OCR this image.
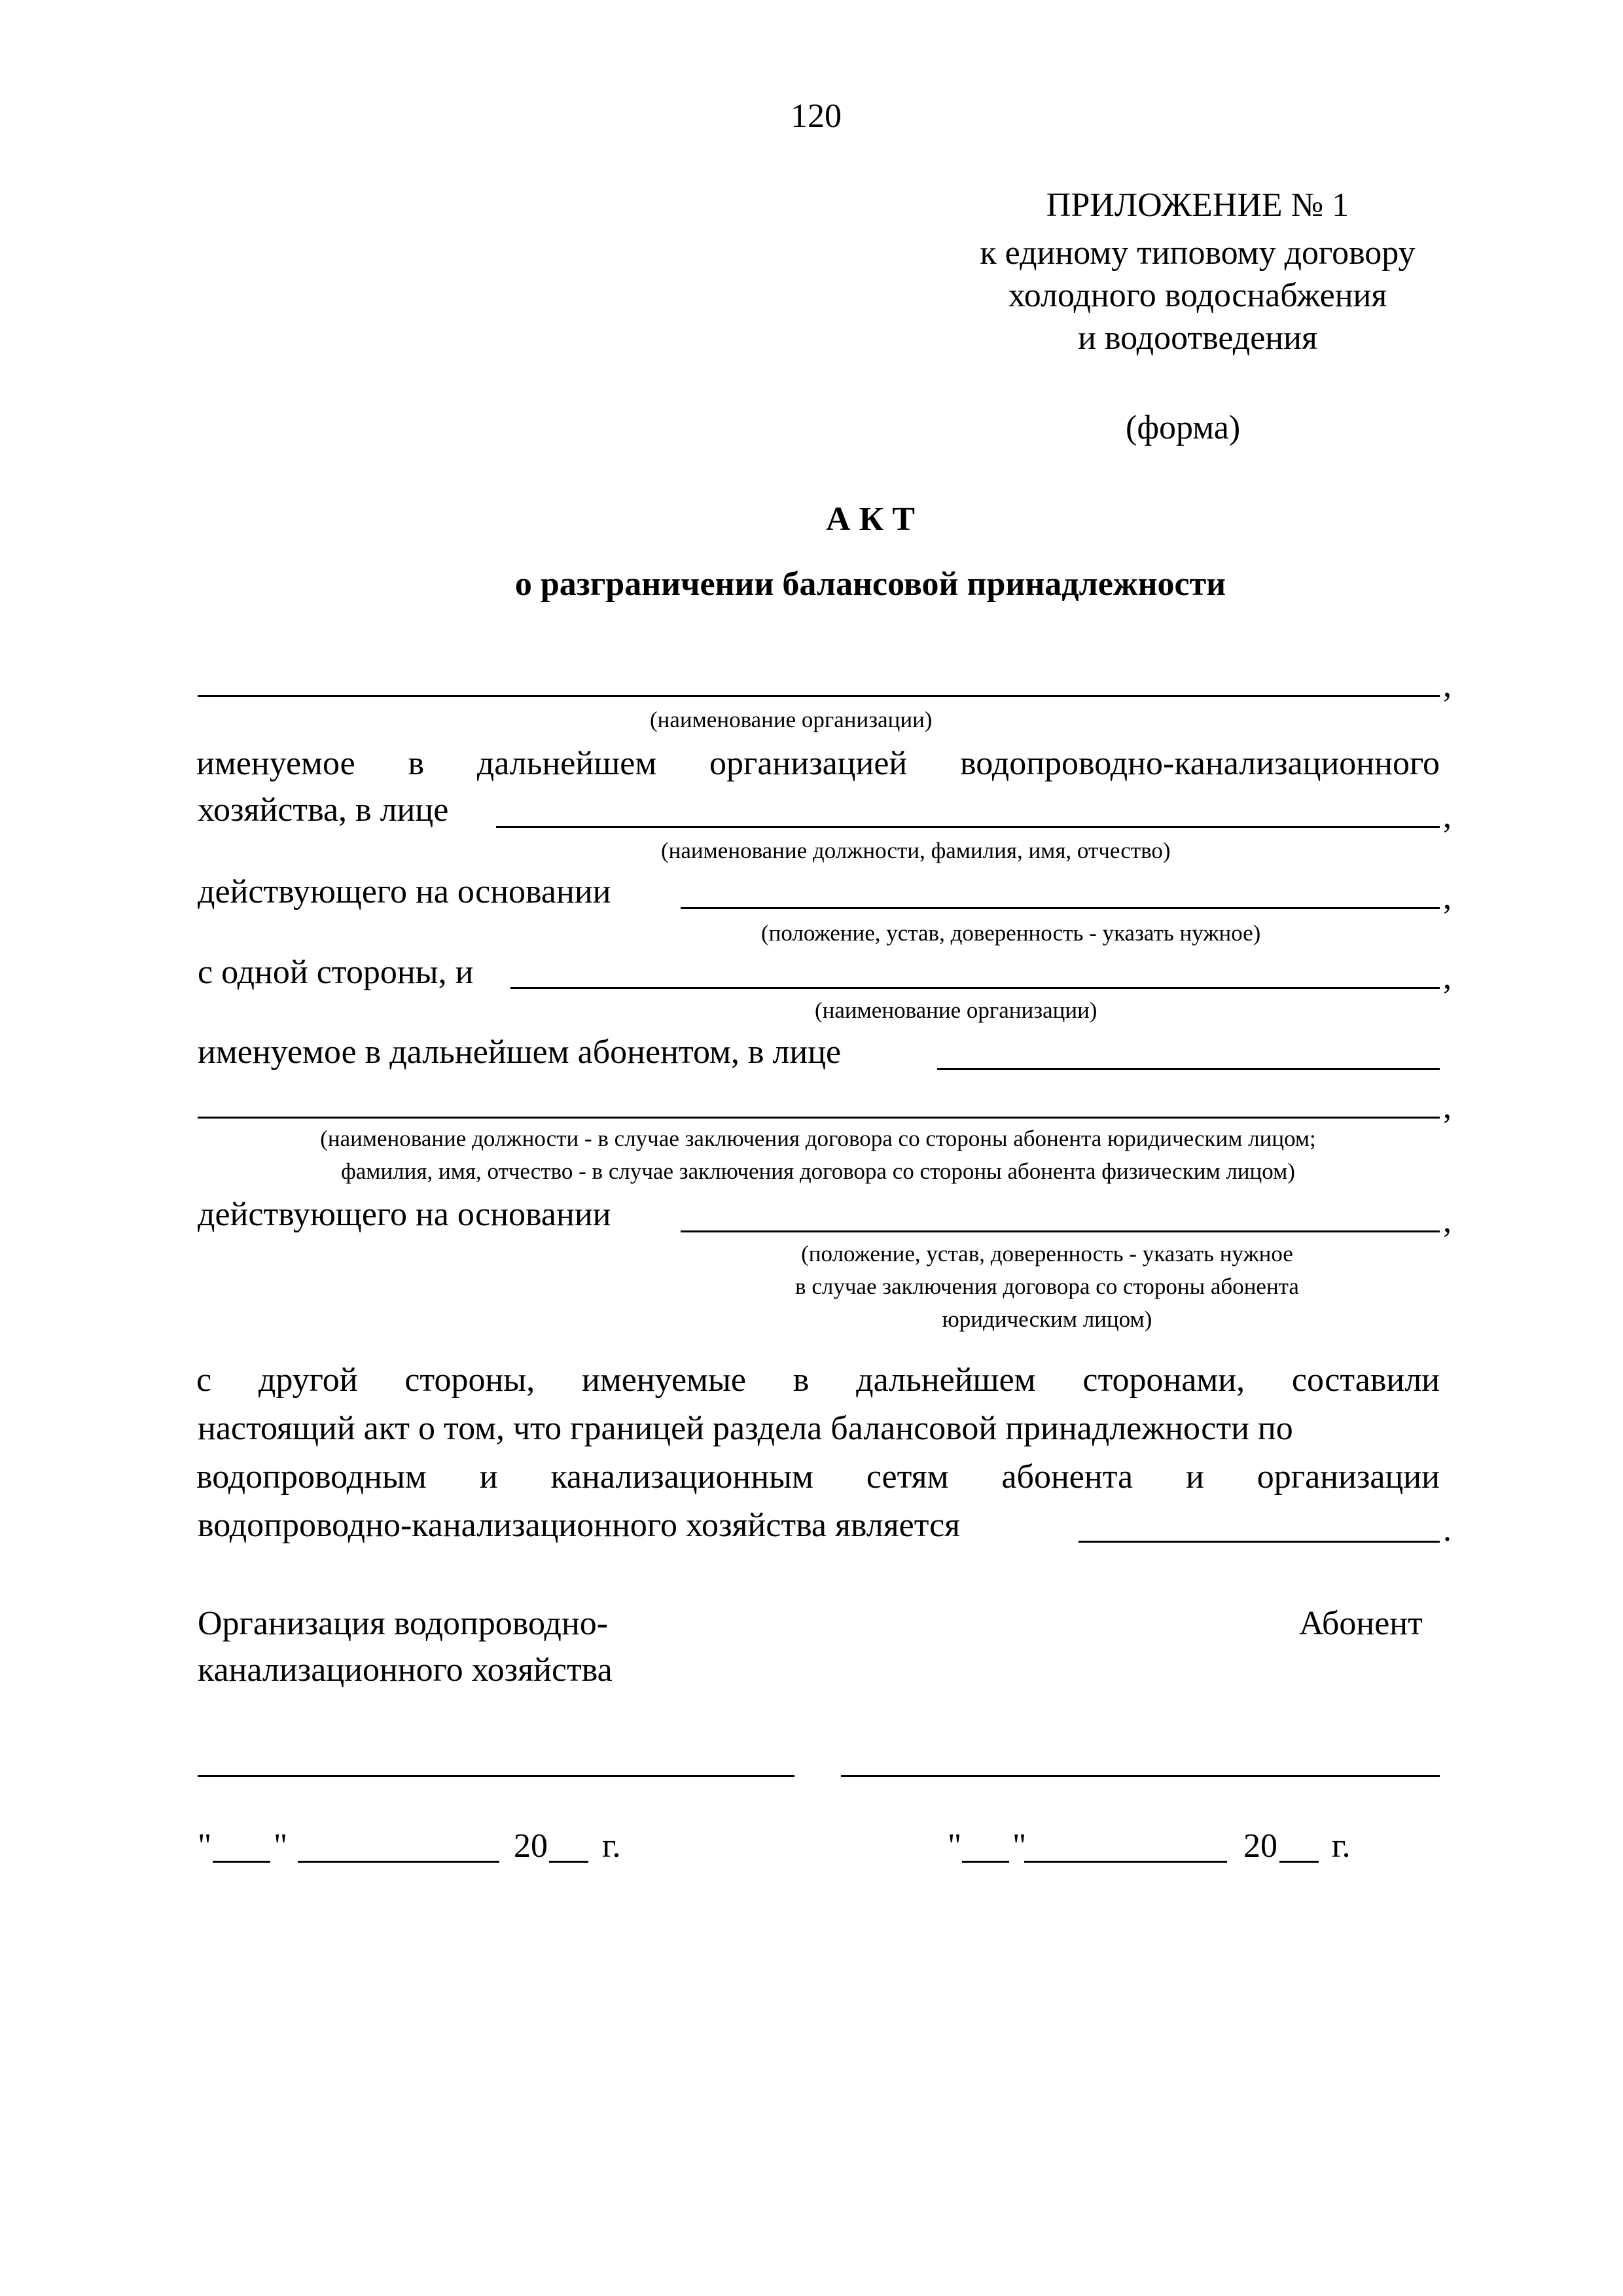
120
ПРИЛОЖЕНИЕ № 1
к единому типовому договору
холодного водоснабжения
и водоотведения
(форма)
А К Т
о разграничении балансовой принадлежности
,
(наименование организации)
именуемое в дальнейшем организацией водопроводно-канализационного
хозяйства, в лице	,
(наименование должности, фамилия, имя, отчество)
действующего на основании	,
(положение, устав, доверенность - указать нужное)
с одной стороны, и	,
(наименование организации)
именуемое в дальнейшем абонентом, в лице
,
(наименование должности - в случае заключения договора со стороны абонента юридическим лицом;
фамилия, имя, отчество - в случае заключения договора со стороны абонента физическим лицом)
действующего на основании	,
(положение, устав, доверенность - указать нужное
в случае заключения договора со стороны абонента
юридическим лицом)
с другой стороны, именуемые в дальнейшем сторонами, составили
настоящий акт о том, что границей раздела балансовой принадлежности по
водопроводным и канализационным сетям абонента и организации
водопроводно-канализационного хозяйства является	.
Организация водопроводно-
канализационного хозяйства
Абонент
" "	20 г.	" "	20 г.
